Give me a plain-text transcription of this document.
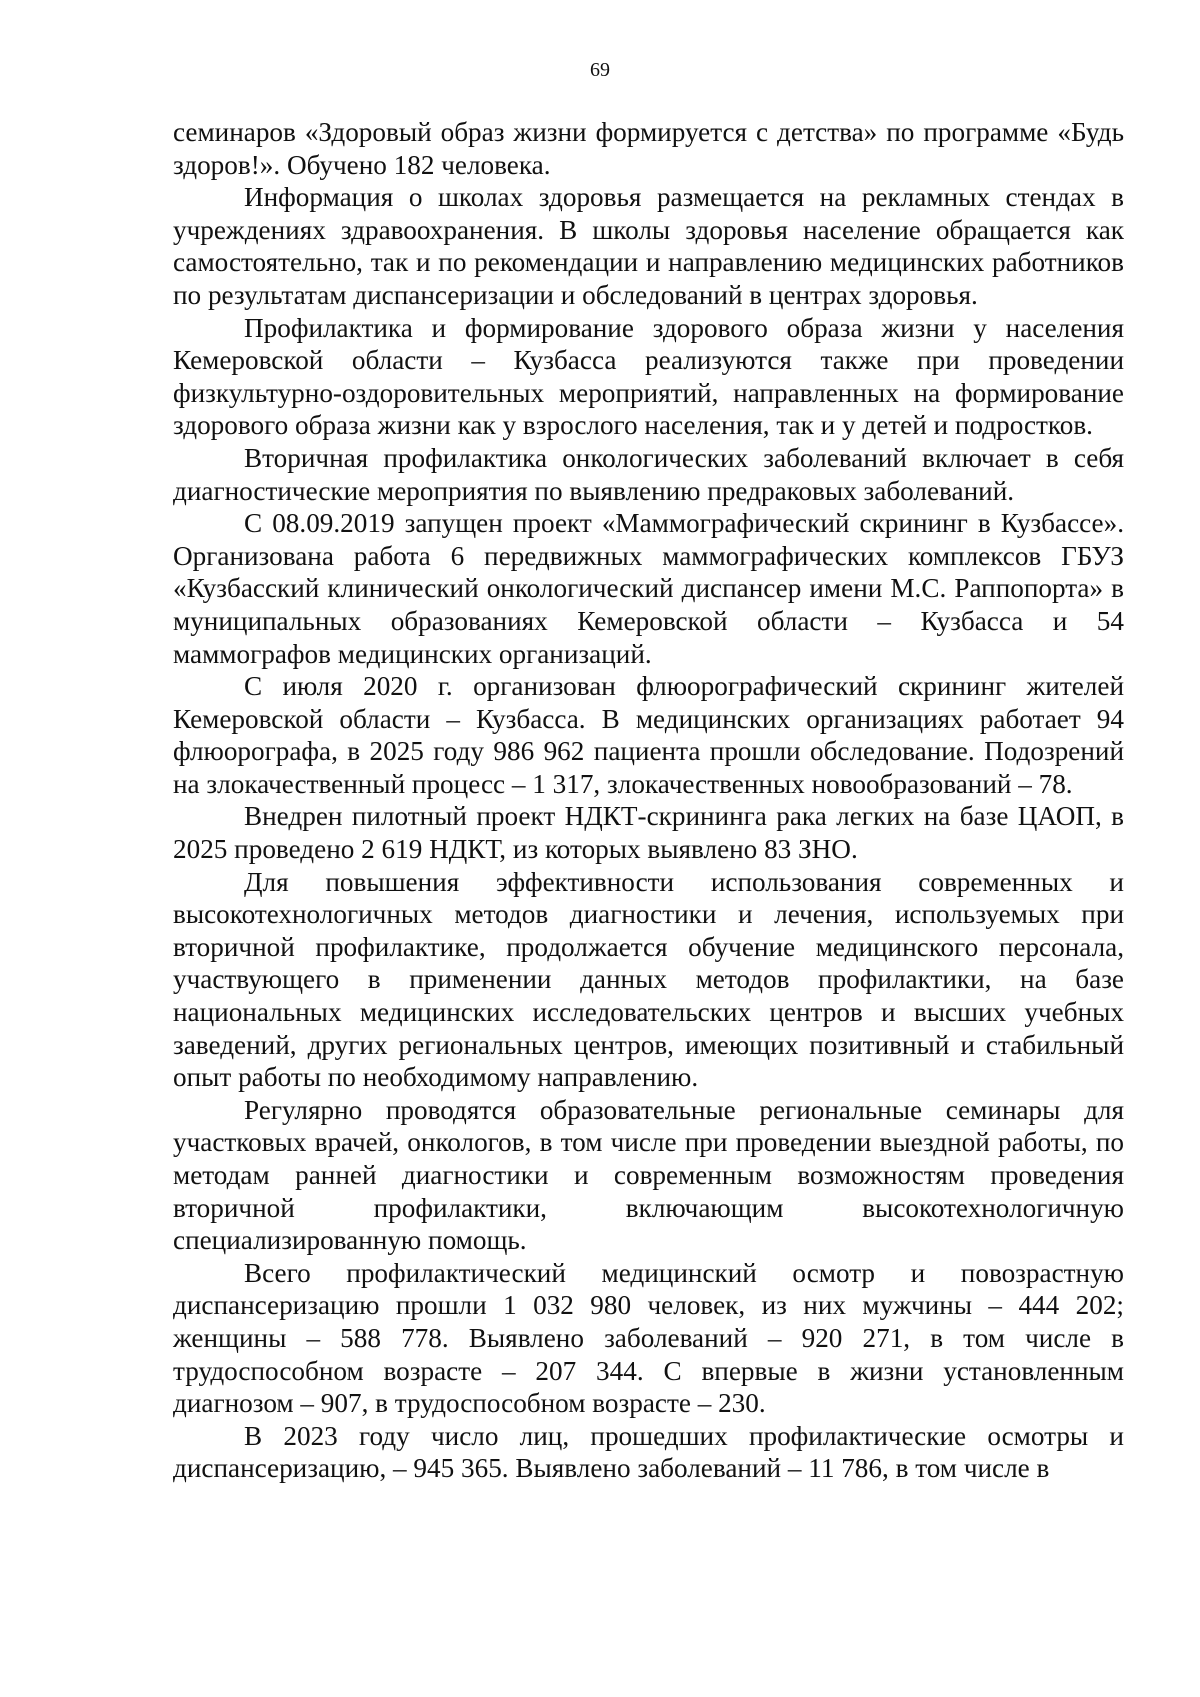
69

семинаров «Здоровый образ жизни формируется с детства» по программе «Будь здоров!». Обучено 182 человека.

Информация о школах здоровья размещается на рекламных стендах в учреждениях здравоохранения. В школы здоровья население обращается как самостоятельно, так и по рекомендации и направлению медицинских работников по результатам диспансеризации и обследований в центрах здоровья.

Профилактика и формирование здорового образа жизни у населения Кемеровской области – Кузбасса реализуются также при проведении физкультурно-оздоровительных мероприятий, направленных на формирование здорового образа жизни как у взрослого населения, так и у детей и подростков.

Вторичная профилактика онкологических заболеваний включает в себя диагностические мероприятия по выявлению предраковых заболеваний.

С 08.09.2019 запущен проект «Маммографический скрининг в Кузбассе». Организована работа 6 передвижных маммографических комплексов ГБУЗ «Кузбасский клинический онкологический диспансер имени М.С. Раппопорта» в муниципальных образованиях Кемеровской области – Кузбасса и 54 маммографов медицинских организаций.

С июля 2020 г. организован флюорографический скрининг жителей Кемеровской области – Кузбасса. В медицинских организациях работает 94 флюорографа, в 2025 году 986 962 пациента прошли обследование. Подозрений на злокачественный процесс – 1 317, злокачественных новообразований – 78.

Внедрен пилотный проект НДКТ-скрининга рака легких на базе ЦАОП, в 2025 проведено 2 619 НДКТ, из которых выявлено 83 ЗНО.

Для повышения эффективности использования современных и высокотехнологичных методов диагностики и лечения, используемых при вторичной профилактике, продолжается обучение медицинского персонала, участвующего в применении данных методов профилактики, на базе национальных медицинских исследовательских центров и высших учебных заведений, других региональных центров, имеющих позитивный и стабильный опыт работы по необходимому направлению.

Регулярно проводятся образовательные региональные семинары для участковых врачей, онкологов, в том числе при проведении выездной работы, по методам ранней диагностики и современным возможностям проведения вторичной профилактики, включающим высокотехнологичную специализированную помощь.

Всего профилактический медицинский осмотр и повозрастную диспансеризацию прошли 1 032 980 человек, из них мужчины – 444 202; женщины – 588 778. Выявлено заболеваний – 920 271, в том числе в трудоспособном возрасте – 207 344. С впервые в жизни установленным диагнозом – 907, в трудоспособном возрасте – 230.

В 2023 году число лиц, прошедших профилактические осмотры и диспансеризацию, – 945 365. Выявлено заболеваний – 11 786, в том числе в
